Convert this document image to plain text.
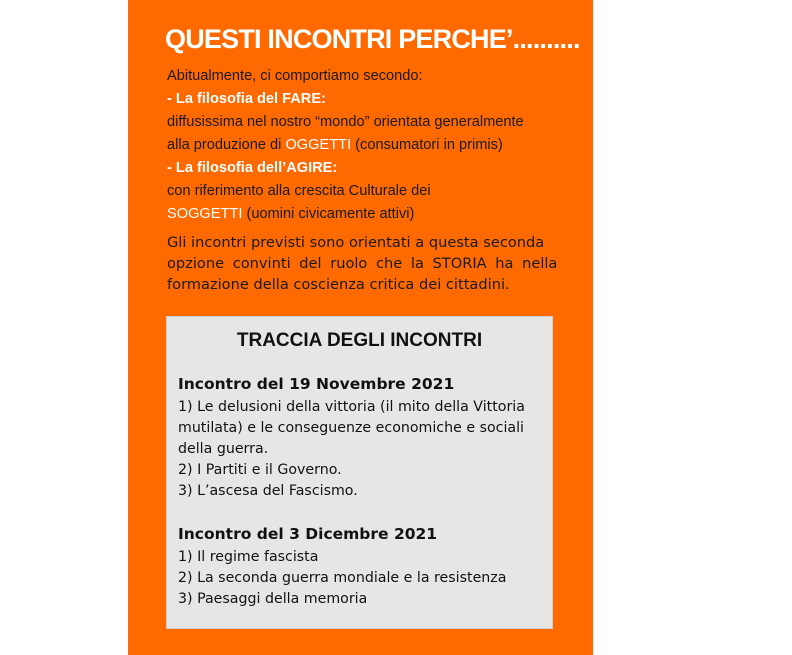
QUESTI INCONTRI PERCHE’..........
Abitualmente, ci comportiamo secondo:
- La filosofia del FARE:
diffusissima nel nostro “mondo” orientata generalmente
alla produzione di OGGETTI (consumatori in primis)
- La filosofia dell’AGIRE:
con riferimento alla crescita Culturale dei
SOGGETTI (uomini civicamente attivi)
Gli incontri previsti sono orientati a questa seconda
opzione convinti del ruolo che la STORIA ha nella
formazione della coscienza critica dei cittadini.
TRACCIA DEGLI INCONTRI
Incontro del 19 Novembre 2021
1) Le delusioni della vittoria (il mito della Vittoria
mutilata) e le conseguenze economiche e sociali
della guerra.
2) I Partiti e il Governo.
3) L’ascesa del Fascismo.
Incontro del 3 Dicembre 2021
1) Il regime fascista
2) La seconda guerra mondiale e la resistenza
3) Paesaggi della memoria
